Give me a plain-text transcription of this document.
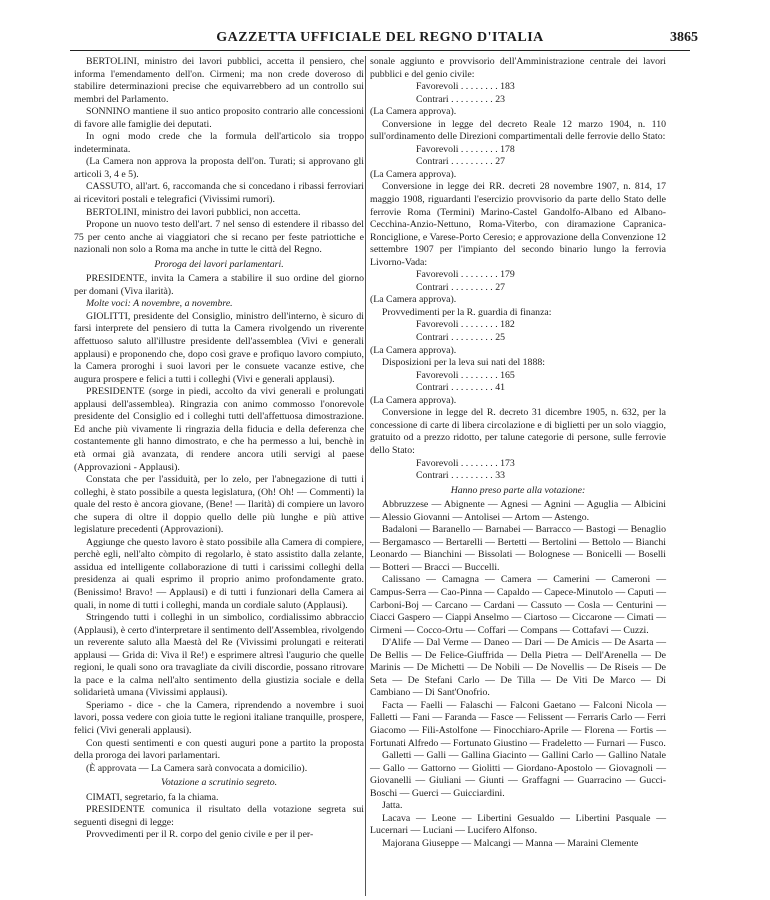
GAZZETTA UFFICIALE DEL REGNO D'ITALIA	3865

BERTOLINI, ministro dei lavori pubblici, accetta il pensiero, che informa l'emendamento dell'on. Cirmeni; ma non crede doveroso di stabilire determinazioni precise che equivarrebbero ad un controllo sui membri del Parlamento.

SONNINO mantiene il suo antico proposito contrario alle concessioni di favore alle famiglie dei deputati.

In ogni modo crede che la formula dell'articolo sia troppo indeterminata.

(La Camera non approva la proposta dell'on. Turati; si approvano gli articoli 3, 4 e 5).

CASSUTO, all'art. 6, raccomanda che si concedano i ribassi ferroviari ai ricevitori postali e telegrafici (Vivissimi rumori).

BERTOLINI, ministro dei lavori pubblici, non accetta.

Propone un nuovo testo dell'art. 7 nel senso di estendere il ribasso del 75 per cento anche ai viaggiatori che si recano per feste patriottiche e nazionali non solo a Roma ma anche in tutte le città del Regno.

Proroga dei lavori parlamentari.

PRESIDENTE, invita la Camera a stabilire il suo ordine del giorno per domani (Viva ilarità).

Molte voci: A novembre, a novembre.

GIOLITTI, presidente del Consiglio, ministro dell'interno, è sicuro di farsi interprete del pensiero di tutta la Camera rivolgendo un riverente affettuoso saluto all'illustre presidente dell'assemblea (Vivi e generali applausi) e proponendo che, dopo così grave e profiquo lavoro compiuto, la Camera proroghi i suoi lavori per le consuete vacanze estive, che augura prospere e felici a tutti i colleghi (Vivi e generali applausi).

PRESIDENTE (sorge in piedi, accolto da vivi generali e prolungati applausi dell'assemblea). Ringrazia con animo commosso l'onorevole presidente del Consiglio ed i colleghi tutti dell'affettuosa dimostrazione. Ed anche più vivamente li ringrazia della fiducia e della deferenza che costantemente gli hanno dimostrato, e che ha permesso a lui, benchè in età ormai già avanzata, di rendere ancora utili servigi al paese (Approvazioni - Applausi).

Constata che per l'assiduità, per lo zelo, per l'abnegazione di tutti i colleghi, è stato possibile a questa legislatura, (Oh! Oh! — Commenti) la quale del resto è ancora giovane, (Bene! — Ilarità) di compiere un lavoro che supera di oltre il doppio quello delle più lunghe e più attive legislature precedenti (Approvazioni).

Aggiunge che questo lavoro è stato possibile alla Camera di compiere, perchè egli, nell'alto còmpito di regolarlo, è stato assistito dalla zelante, assidua ed intelligente collaborazione di tutti i carissimi colleghi della presidenza ai quali esprimo il proprio animo profondamente grato. (Benissimo! Bravo! — Applausi) e di tutti i funzionari della Camera ai quali, in nome di tutti i colleghi, manda un cordiale saluto (Applausi).

Stringendo tutti i colleghi in un simbolico, cordialissimo abbraccio (Applausi), è certo d'interpretare il sentimento dell'Assemblea, rivolgendo un reverente saluto alla Maestà del Re (Vivissimi prolungati e reiterati applausi — Grida di: Viva il Re!) e esprimere altresì l'augurio che quelle regioni, le quali sono ora travagliate da civili discordie, possano ritrovare la pace e la calma nell'alto sentimento della giustizia sociale e della solidarietà umana (Vivissimi applausi).

Speriamo - dice - che la Camera, riprendendo a novembre i suoi lavori, possa vedere con gioia tutte le regioni italiane tranquille, prospere, felici (Vivi generali applausi).

Con questi sentimenti e con questi auguri pone a partito la proposta della proroga dei lavori parlamentari.

(È approvata — La Camera sarà convocata a domicilio).

Votazione a scrutinio segreto.

CIMATI, segretario, fa la chiama.

PRESIDENTE comunica il risultato della votazione segreta sui seguenti disegni di legge:

Provvedimenti per il R. corpo del genio civile e per il per-

sonale aggiunto e provvisorio dell'Amministrazione centrale dei lavori pubblici e del genio civile:

Favorevoli . . . . . . . . 183

Contrari . . . . . . . . . 23

(La Camera approva).

Conversione in legge del decreto Reale 12 marzo 1904, n. 110 sull'ordinamento delle Direzioni compartimentali delle ferrovie dello Stato:

Favorevoli . . . . . . . . 178

Contrari . . . . . . . . . 27

(La Camera approva).

Conversione in legge dei RR. decreti 28 novembre 1907, n. 814, 17 maggio 1908, riguardanti l'esercizio provvisorio da parte dello Stato delle ferrovie Roma (Termini) Marino-Castel Gandolfo-Albano ed Albano-Cecchina-Anzio-Nettuno, Roma-Viterbo, con diramazione Capranica-Ronciglione, e Varese-Porto Ceresio; e approvazione della Convenzione 12 settembre 1907 per l'impianto del secondo binario lungo la ferrovia Livorno-Vada:

Favorevoli . . . . . . . . 179

Contrari . . . . . . . . . 27

(La Camera approva).

Provvedimenti per la R. guardia di finanza:

Favorevoli . . . . . . . . 182

Contrari . . . . . . . . . 25

(La Camera approva).

Disposizioni per la leva sui nati del 1888:

Favorevoli . . . . . . . . 165

Contrari . . . . . . . . . 41

(La Camera approva).

Conversione in legge del R. decreto 31 dicembre 1905, n. 632, per la concessione di carte di libera circolazione e di biglietti per un solo viaggio, gratuito od a prezzo ridotto, per talune categorie di persone, sulle ferrovie dello Stato:

Favorevoli . . . . . . . . 173

Contrari . . . . . . . . . 33

Hanno preso parte alla votazione:

Abbruzzese — Abignente — Agnesi — Agnini — Aguglia — Albicini — Alessio Giovanni — Antolisei — Artom — Astengo.

Badaloni — Baranello — Barnabei — Barracco — Bastogi — Benaglio — Bergamasco — Bertarelli — Bertetti — Bertolini — Bettolo — Bianchi Leonardo — Bianchini — Bissolati — Bolognese — Bonicelli — Boselli — Botteri — Bracci — Buccelli.

Calissano — Camagna — Camera — Camerini — Cameroni — Campus-Serra — Cao-Pinna — Capaldo — Capece-Minutolo — Caputi — Carboni-Boj — Carcano — Cardani — Cassuto — Cosla — Centurini — Ciacci Gaspero — Ciappi Anselmo — Ciartoso — Ciccarone — Cimati — Cirmeni — Cocco-Ortu — Coffari — Compans — Cottafavi — Cuzzi.

D'Alife — Dal Verme — Daneo — Dari — De Amicis — De Asarta — De Bellis — De Felice-Giuffrida — Della Pietra — Dell'Arenella — De Marinis — De Michetti — De Nobili — De Novellis — De Riseis — De Seta — De Stefani Carlo — De Tilla — De Viti De Marco — Di Cambiano — Di Sant'Onofrio.

Facta — Faelli — Falaschi — Falconi Gaetano — Falconi Nicola — Falletti — Fani — Faranda — Fasce — Felissent — Ferraris Carlo — Ferri Giacomo — Fili-Astolfone — Finocchiaro-Aprile — Florena — Fortis — Fortunati Alfredo — Fortunato Giustino — Fradeletto — Furnari — Fusco.

Galletti — Galli — Gallina Giacinto — Gallini Carlo — Gallino Natale — Gallo — Gattorno — Giolitti — Giordano-Apostolo — Giovagnoli — Giovanelli — Giuliani — Giunti — Graffagni — Guarracino — Gucci-Boschi — Guerci — Guicciardini.

Jatta.

Lacava — Leone — Libertini Gesualdo — Libertini Pasquale — Lucernari — Luciani — Lucifero Alfonso.

Majorana Giuseppe — Malcangi — Manna — Maraini Clemente
